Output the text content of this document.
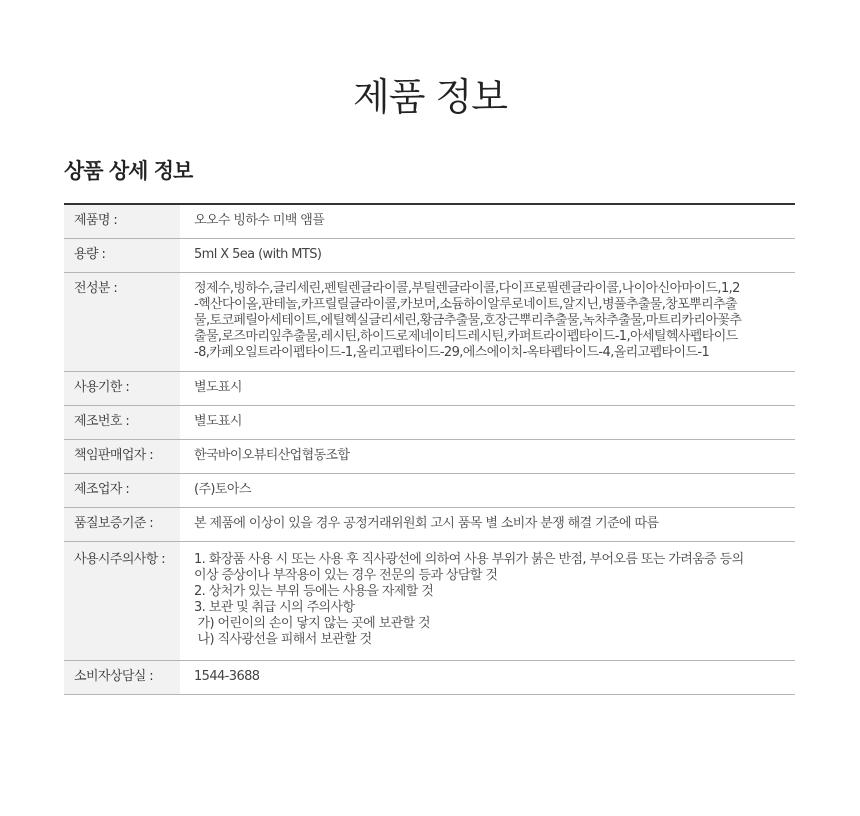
제품 정보
상품 상세 정보
제품명 :	오오수 빙하수 미백 앰플
용량 :	5ml X 5ea (with MTS)
전성분 :	정제수,빙하수,글리세린,펜틸렌글라이콜,부틸렌글라이콜,다이프로필렌글라이콜,나이아신아마이드,1,2
-헥산다이올,판테놀,카프릴릴글라이콜,카보머,소듐하이알루로네이트,알지닌,병풀추출물,창포뿌리추출
물,토코페릴아세테이트,에틸헥실글리세린,황금추출물,호장근뿌리추출물,녹차추출물,마트리카리아꽃추
출물,로즈마리잎추출물,레시틴,하이드로제네이티드레시틴,카퍼트라이펩타이드-1,아세틸헥사펩타이드
-8,카페오일트라이펩타이드-1,올리고펩타이드-29,에스에이치-옥타펩타이드-4,올리고펩타이드-1

사용기한 :	별도표시
제조번호 :	별도표시
책임판매업자 :	한국바이오뷰티산업협동조합
제조업자 :	(주)토아스
품질보증기준 :	본 제품에 이상이 있을 경우 공정거래위원회 고시 품목 별 소비자 분쟁 해결 기준에 따름
사용시주의사항 :	1. 화장품 사용 시 또는 사용 후 직사광선에 의하여 사용 부위가 붉은 반점, 부어오름 또는 가려움증 등의
이상 증상이나 부작용이 있는 경우 전문의 등과 상담할 것
2. 상처가 있는 부위 등에는 사용을 자제할 것
3. 보관 및 취급 시의 주의사항
가) 어린이의 손이 닿지 않는 곳에 보관할 것
나) 직사광선을 피해서 보관할 것

소비자상담실 :	1544-3688
